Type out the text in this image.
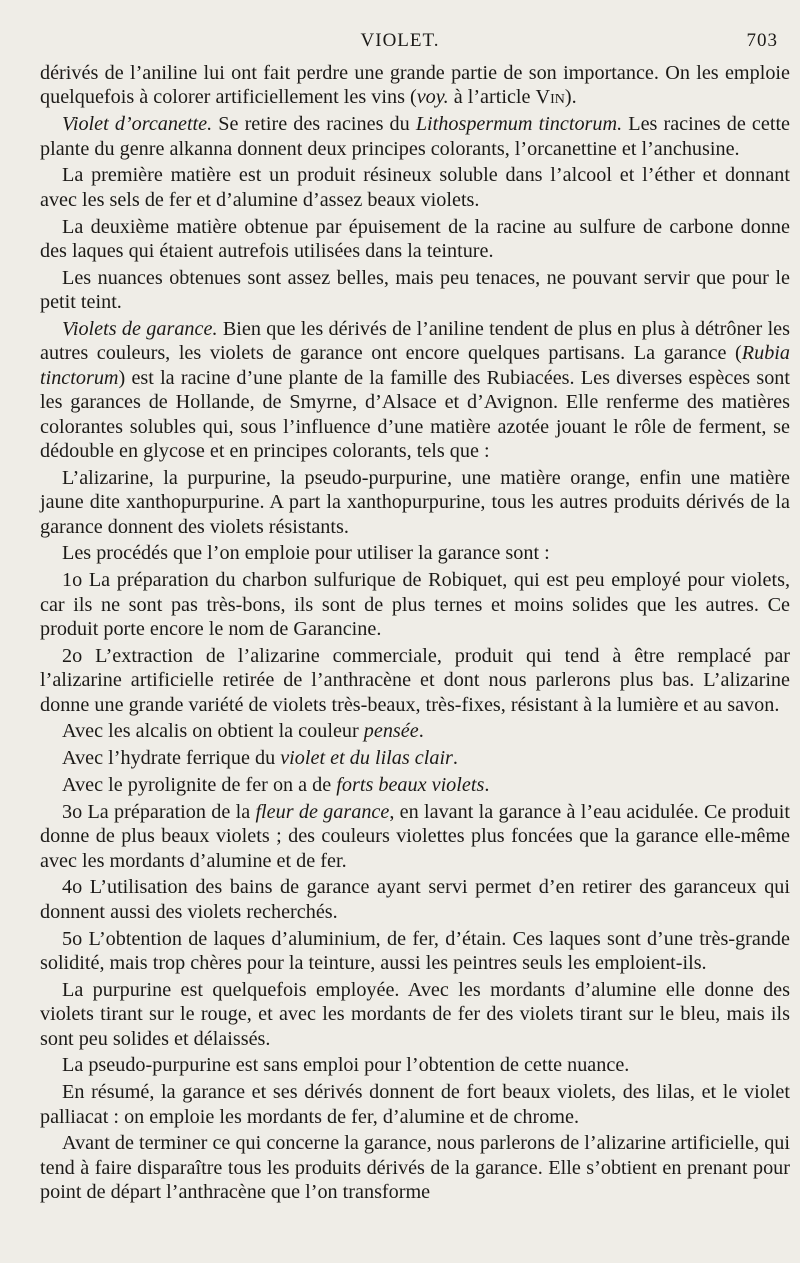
VIOLET.	703

dérivés de l’aniline lui ont fait perdre une grande partie de son importance. On les emploie quelquefois à colorer artificiellement les vins (voy. à l’article Vin).

Violet d’orcanette. Se retire des racines du Lithospermum tinctorum. Les racines de cette plante du genre alkanna donnent deux principes colorants, l’orcanettine et l’anchusine.

La première matière est un produit résineux soluble dans l’alcool et l’éther et donnant avec les sels de fer et d’alumine d’assez beaux violets.

La deuxième matière obtenue par épuisement de la racine au sulfure de carbone donne des laques qui étaient autrefois utilisées dans la teinture.

Les nuances obtenues sont assez belles, mais peu tenaces, ne pouvant servir que pour le petit teint.

Violets de garance. Bien que les dérivés de l’aniline tendent de plus en plus à détrôner les autres couleurs, les violets de garance ont encore quelques partisans. La garance (Rubia tinctorum) est la racine d’une plante de la famille des Rubiacées. Les diverses espèces sont les garances de Hollande, de Smyrne, d’Alsace et d’Avignon. Elle renferme des matières colorantes solubles qui, sous l’influence d’une matière azotée jouant le rôle de ferment, se dédouble en glycose et en principes colorants, tels que :

L’alizarine, la purpurine, la pseudo-purpurine, une matière orange, enfin une matière jaune dite xanthopurpurine. A part la xanthopurpurine, tous les autres produits dérivés de la garance donnent des violets résistants.

Les procédés que l’on emploie pour utiliser la garance sont :

1o La préparation du charbon sulfurique de Robiquet, qui est peu employé pour violets, car ils ne sont pas très-bons, ils sont de plus ternes et moins solides que les autres. Ce produit porte encore le nom de Garancine.

2o L’extraction de l’alizarine commerciale, produit qui tend à être remplacé par l’alizarine artificielle retirée de l’anthracène et dont nous parlerons plus bas. L’alizarine donne une grande variété de violets très-beaux, très-fixes, résistant à la lumière et au savon.

Avec les alcalis on obtient la couleur pensée.

Avec l’hydrate ferrique du violet et du lilas clair.

Avec le pyrolignite de fer on a de forts beaux violets.

3o La préparation de la fleur de garance, en lavant la garance à l’eau acidulée. Ce produit donne de plus beaux violets ; des couleurs violettes plus foncées que la garance elle-même avec les mordants d’alumine et de fer.

4o L’utilisation des bains de garance ayant servi permet d’en retirer des garanceux qui donnent aussi des violets recherchés.

5o L’obtention de laques d’aluminium, de fer, d’étain. Ces laques sont d’une très-grande solidité, mais trop chères pour la teinture, aussi les peintres seuls les emploient-ils.

La purpurine est quelquefois employée. Avec les mordants d’alumine elle donne des violets tirant sur le rouge, et avec les mordants de fer des violets tirant sur le bleu, mais ils sont peu solides et délaissés.

La pseudo-purpurine est sans emploi pour l’obtention de cette nuance.

En résumé, la garance et ses dérivés donnent de fort beaux violets, des lilas, et le violet palliacat : on emploie les mordants de fer, d’alumine et de chrome.

Avant de terminer ce qui concerne la garance, nous parlerons de l’alizarine artificielle, qui tend à faire disparaître tous les produits dérivés de la garance. Elle s’obtient en prenant pour point de départ l’anthracène que l’on transforme
